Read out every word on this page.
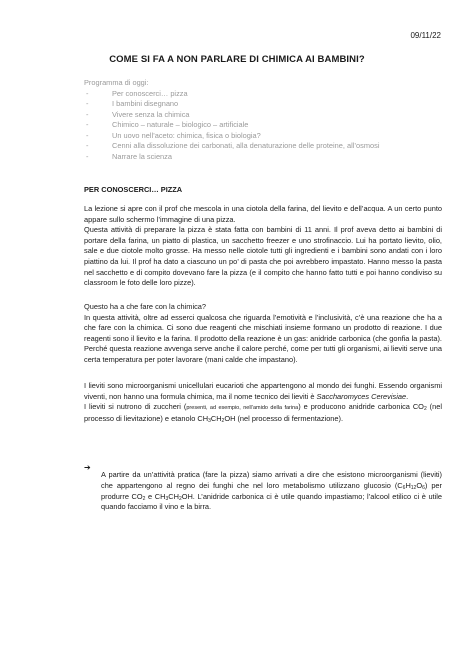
09/11/22
COME SI FA A NON PARLARE DI CHIMICA AI BAMBINI?
Programma di oggi:
- Per conoscerci… pizza
- I bambini disegnano
- Vivere senza la chimica
- Chimico – naturale – biologico – artificiale
- Un uovo nell’aceto: chimica, fisica o biologia?
- Cenni alla dissoluzione dei carbonati, alla denaturazione delle proteine, all’osmosi
- Narrare la scienza
PER CONOSCERCI… PIZZA

La lezione si apre con il prof che mescola in una ciotola della farina, del lievito e dell’acqua. A un certo punto appare sullo schermo l’immagine di una pizza.

Questa attività di preparare la pizza è stata fatta con bambini di 11 anni. Il prof aveva detto ai bambini di portare della farina, un piatto di plastica, un sacchetto freezer e uno strofinaccio. Lui ha portato lievito, olio, sale e due ciotole molto grosse. Ha messo nelle ciotole tutti gli ingredienti e i bambini sono andati con i loro piattino da lui. Il prof ha dato a ciascuno un po’ di pasta che poi avrebbero impastato. Hanno messo la pasta nel sacchetto e di compito dovevano fare la pizza (e il compito che hanno fatto tutti e poi hanno condiviso su classroom le foto delle loro pizze).

Questo ha a che fare con la chimica?

In questa attività, oltre ad esserci qualcosa che riguarda l’emotività e l’inclusività, c’è una reazione che ha a che fare con la chimica. Ci sono due reagenti che mischiati insieme formano un prodotto di reazione. I due reagenti sono il lievito e la farina. Il prodotto della reazione è un gas: anidride carbonica (che gonfia la pasta). Perché questa reazione avvenga serve anche il calore perché, come per tutti gli organismi, ai lieviti serve una certa temperatura per poter lavorare (mani calde che impastano).

I lieviti sono microorganismi unicellulari eucarioti che appartengono al mondo dei funghi. Essendo organismi viventi, non hanno una formula chimica, ma il nome tecnico dei lieviti è Saccharomyces Cerevisiae.

I lieviti si nutrono di zuccheri (presenti, ad esempio, nell’amido della farina) e producono anidride carbonica $CO_2$ (nel processo di lievitazione) e etanolo $CH_3CH_2OH$ (nel processo di fermentazione).

➔

A partire da un’attività pratica (fare la pizza) siamo arrivati a dire che esistono microorganismi (lieviti) che appartengono al regno dei funghi che nel loro metabolismo utilizzano glucosio $(C_6H_{12}O_6)$ per produrre $CO_2$ e $CH_3CH_2OH$. L’anidride carbonica ci è utile quando impastiamo; l’alcool etilico ci è utile quando facciamo il vino e la birra.
